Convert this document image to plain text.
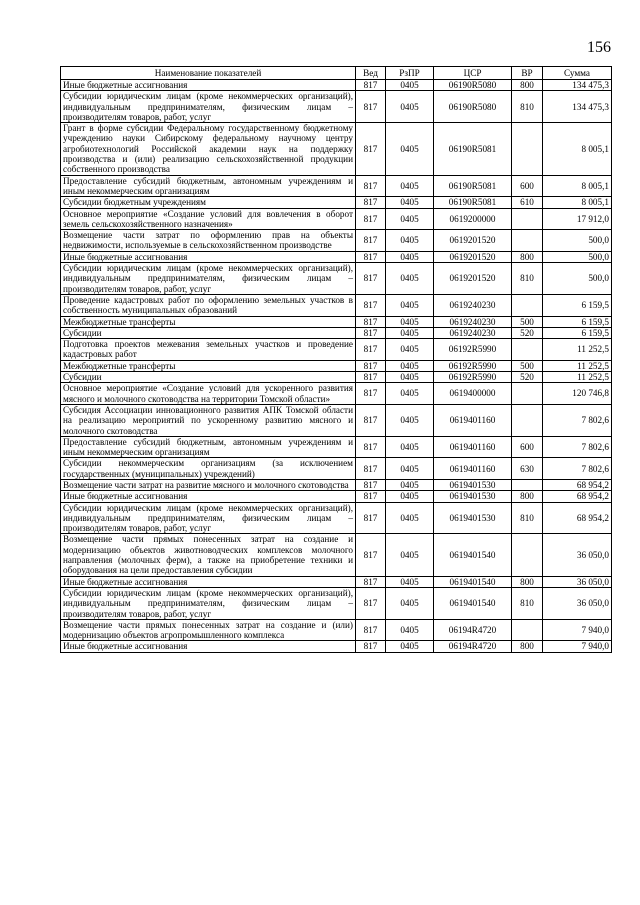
156
Наименование показателей	Вед	РзПР	ЦСР	ВР	Сумма
Иные бюджетные ассигнования	817	0405	06190R5080	800	134 475,3
Субсидии юридическим лицам (кроме некоммерческих организаций), индивидуальным предпринимателям, физическим лицам – производителям товаров, работ, услуг	817	0405	06190R5080	810	134 475,3
Грант в форме субсидии Федеральному государственному бюджетному учреждению науки Сибирскому федеральному научному центру агробиотехнологий Российской академии наук на поддержку производства и (или) реализацию сельскохозяйственной продукции собственного производства	817	0405	06190R5081		8 005,1
Предоставление субсидий бюджетным, автономным учреждениям и иным некоммерческим организациям	817	0405	06190R5081	600	8 005,1
Субсидии бюджетным учреждениям	817	0405	06190R5081	610	8 005,1
Основное мероприятие «Создание условий для вовлечения в оборот земель сельскохозяйственного назначения»	817	0405	0619200000		17 912,0
Возмещение части затрат по оформлению прав на объекты недвижимости, используемые в сельскохозяйственном производстве	817	0405	0619201520		500,0
Иные бюджетные ассигнования	817	0405	0619201520	800	500,0
Субсидии юридическим лицам (кроме некоммерческих организаций), индивидуальным предпринимателям, физическим лицам – производителям товаров, работ, услуг	817	0405	0619201520	810	500,0
Проведение кадастровых работ по оформлению земельных участков в собственность муниципальных образований	817	0405	0619240230		6 159,5
Межбюджетные трансферты	817	0405	0619240230	500	6 159,5
Субсидии	817	0405	0619240230	520	6 159,5
Подготовка проектов межевания земельных участков и проведение кадастровых работ	817	0405	06192R5990		11 252,5
Межбюджетные трансферты	817	0405	06192R5990	500	11 252,5
Субсидии	817	0405	06192R5990	520	11 252,5
Основное мероприятие «Создание условий для ускоренного развития мясного и молочного скотоводства на территории Томской области»	817	0405	0619400000		120 746,8
Субсидия Ассоциации инновационного развития АПК Томской области на реализацию мероприятий по ускоренному развитию мясного и молочного скотоводства	817	0405	0619401160		7 802,6
Предоставление субсидий бюджетным, автономным учреждениям и иным некоммерческим организациям	817	0405	0619401160	600	7 802,6
Субсидии некоммерческим организациям (за исключением государственных (муниципальных) учреждений)	817	0405	0619401160	630	7 802,6
Возмещение части затрат на развитие мясного и молочного скотоводства	817	0405	0619401530		68 954,2
Иные бюджетные ассигнования	817	0405	0619401530	800	68 954,2
Субсидии юридическим лицам (кроме некоммерческих организаций), индивидуальным предпринимателям, физическим лицам – производителям товаров, работ, услуг	817	0405	0619401530	810	68 954,2
Возмещение части прямых понесенных затрат на создание и модернизацию объектов животноводческих комплексов молочного направления (молочных ферм), а также на приобретение техники и оборудования на цели предоставления субсидии	817	0405	0619401540		36 050,0
Иные бюджетные ассигнования	817	0405	0619401540	800	36 050,0
Субсидии юридическим лицам (кроме некоммерческих организаций), индивидуальным предпринимателям, физическим лицам – производителям товаров, работ, услуг	817	0405	0619401540	810	36 050,0
Возмещение части прямых понесенных затрат на создание и (или) модернизацию объектов агропромышленного комплекса	817	0405	06194R4720		7 940,0
Иные бюджетные ассигнования	817	0405	06194R4720	800	7 940,0
